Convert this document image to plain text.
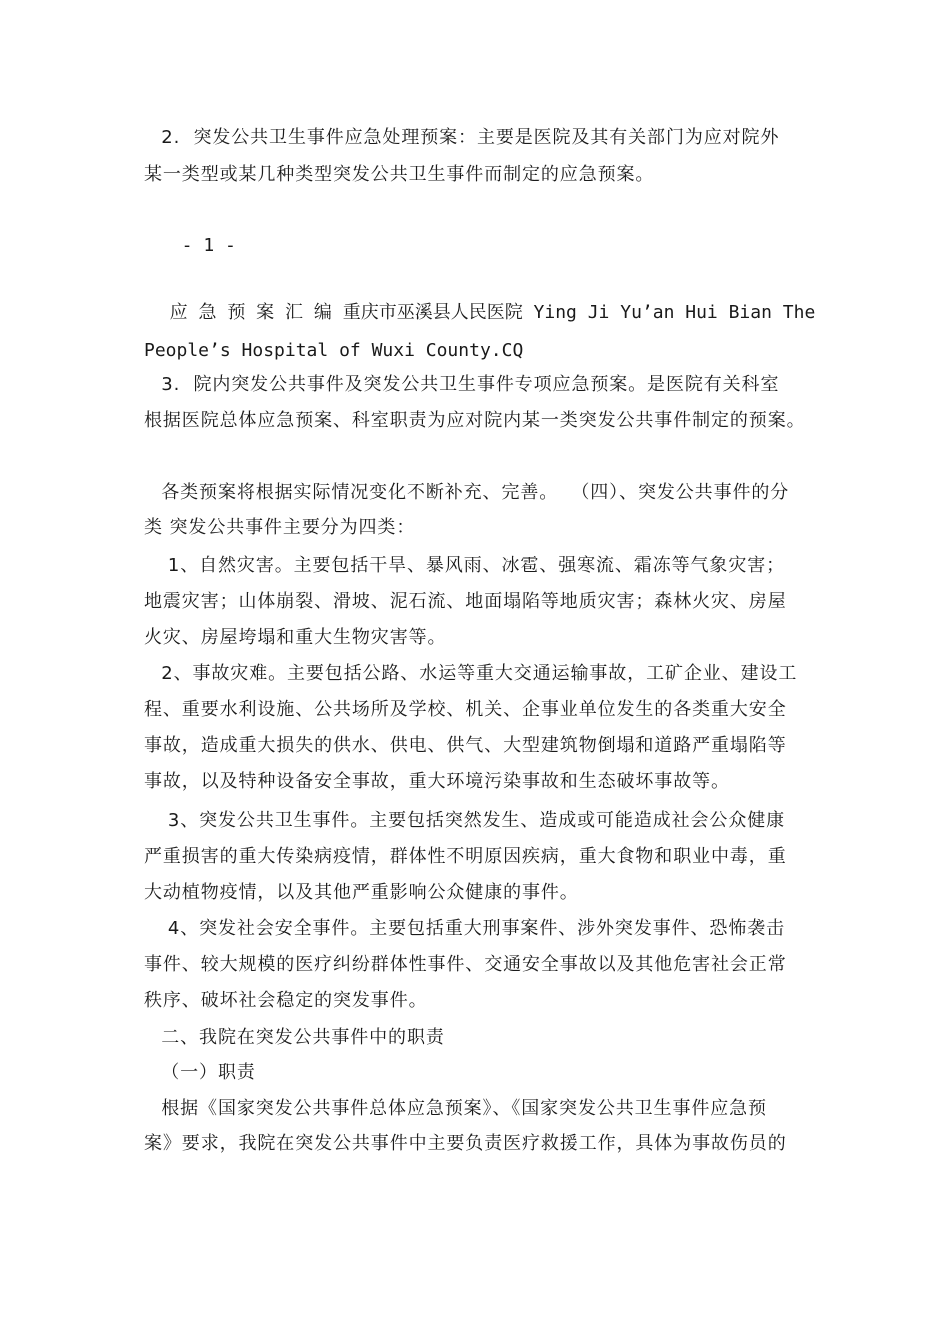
2.  突发公共卫生事件应急处理预案：主要是医院及其有关部门为应对院外
某一类型或某几种类型突发公共卫生事件而制定的应急预案。
- 1 -
应 急 预 案 汇 编 重庆市巫溪县人民医院 Ying Ji Yu’an Hui Bian The
People’s Hospital of Wuxi County.CQ
3.  院内突发公共事件及突发公共卫生事件专项应急预案。是医院有关科室
根据医院总体应急预案、科室职责为应对院内某一类突发公共事件制定的预案。
各类预案将根据实际情况变化不断补充、完善。  （四）、突发公共事件的分
类 突发公共事件主要分为四类：
1、自然灾害。主要包括干旱、暴风雨、冰雹、强寒流、霜冻等气象灾害；
地震灾害；山体崩裂、滑坡、泥石流、地面塌陷等地质灾害；森林火灾、房屋
火灾、房屋垮塌和重大生物灾害等。
2、事故灾难。主要包括公路、水运等重大交通运输事故，工矿企业、建设工
程、重要水利设施、公共场所及学校、机关、企事业单位发生的各类重大安全
事故，造成重大损失的供水、供电、供气、大型建筑物倒塌和道路严重塌陷等
事故，以及特种设备安全事故，重大环境污染事故和生态破坏事故等。
3、突发公共卫生事件。主要包括突然发生、造成或可能造成社会公众健康
严重损害的重大传染病疫情，群体性不明原因疾病，重大食物和职业中毒，重
大动植物疫情，以及其他严重影响公众健康的事件。
4、突发社会安全事件。主要包括重大刑事案件、涉外突发事件、恐怖袭击
事件、较大规模的医疗纠纷群体性事件、交通安全事故以及其他危害社会正常
秩序、破坏社会稳定的突发事件。
二、我院在突发公共事件中的职责
（一）职责
根据《国家突发公共事件总体应急预案》、《国家突发公共卫生事件应急预
案》要求，我院在突发公共事件中主要负责医疗救援工作，具体为事故伤员的
